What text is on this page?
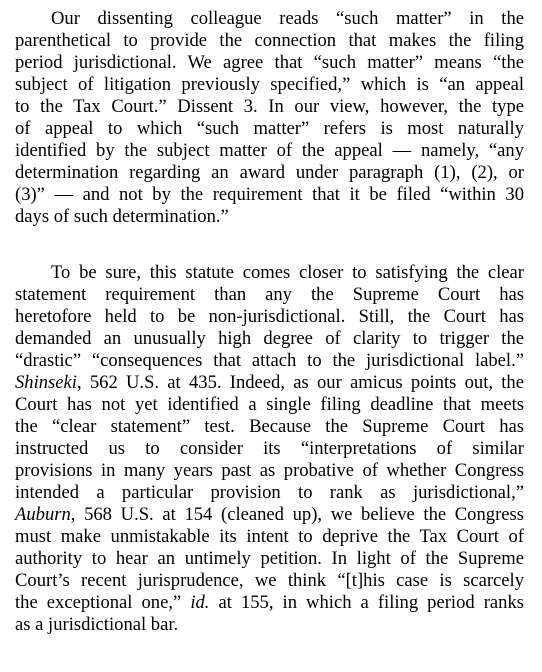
Our dissenting colleague reads “such matter” in the
parenthetical to provide the connection that makes the filing
period jurisdictional. We agree that “such matter” means “the
subject of litigation previously specified,” which is “an appeal
to the Tax Court.” Dissent 3. In our view, however, the type
of appeal to which “such matter” refers is most naturally
identified by the subject matter of the appeal — namely, “any
determination regarding an award under paragraph (1), (2), or
(3)” — and not by the requirement that it be filed “within 30
days of such determination.”
To be sure, this statute comes closer to satisfying the clear
statement requirement than any the Supreme Court has
heretofore held to be non-jurisdictional. Still, the Court has
demanded an unusually high degree of clarity to trigger the
“drastic” “consequences that attach to the jurisdictional label.”
Shinseki, 562 U.S. at 435. Indeed, as our amicus points out, the
Court has not yet identified a single filing deadline that meets
the “clear statement” test. Because the Supreme Court has
instructed us to consider its “interpretations of similar
provisions in many years past as probative of whether Congress
intended a particular provision to rank as jurisdictional,”
Auburn, 568 U.S. at 154 (cleaned up), we believe the Congress
must make unmistakable its intent to deprive the Tax Court of
authority to hear an untimely petition. In light of the Supreme
Court’s recent jurisprudence, we think “[t]his case is scarcely
the exceptional one,” id. at 155, in which a filing period ranks
as a jurisdictional bar.
